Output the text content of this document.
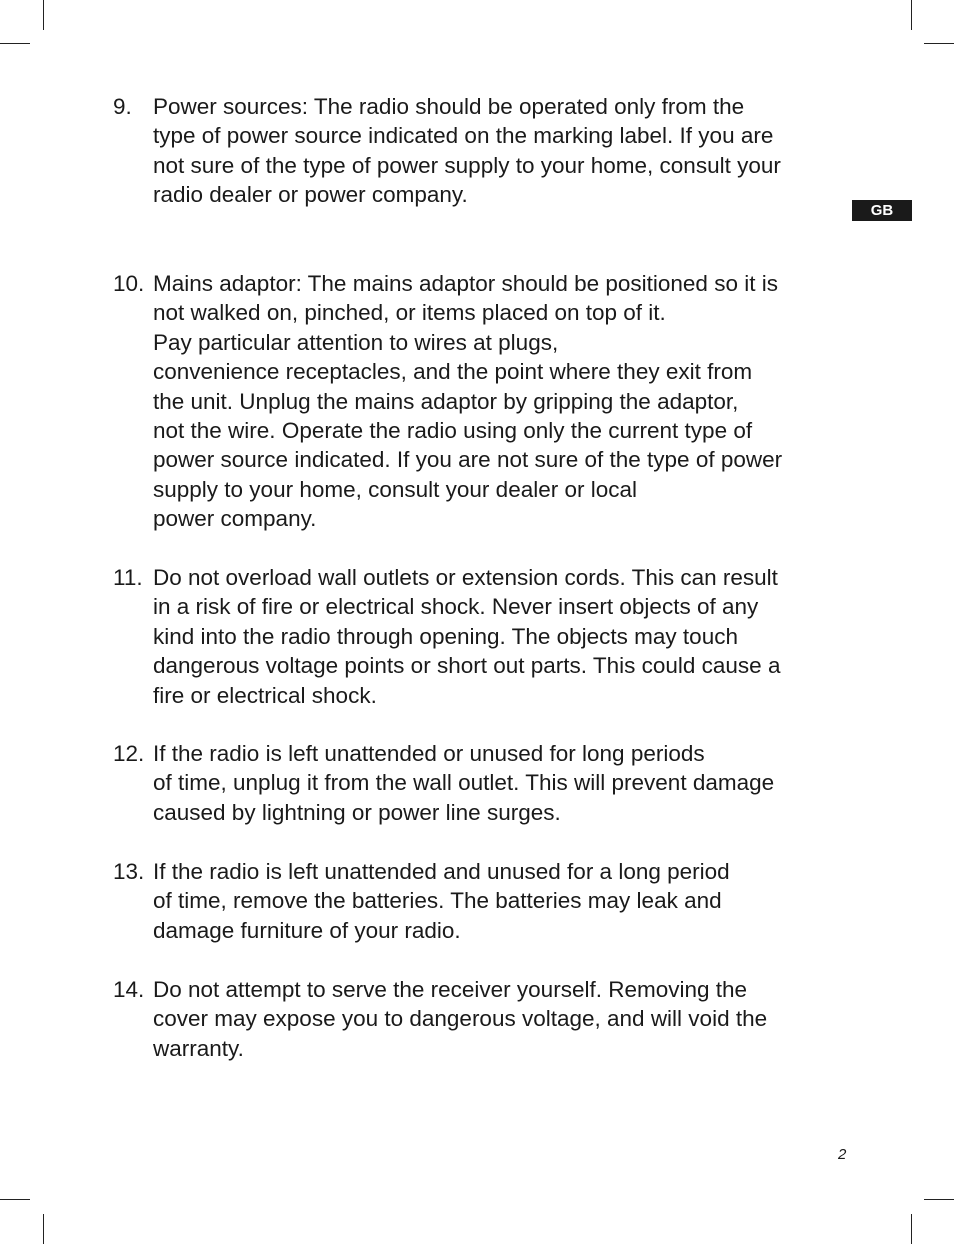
GB
9. Power sources: The radio should be operated only from the
type of power source indicated on the marking label. If you are
not sure of the type of power supply to your home, consult your
radio dealer or power company.
10. Mains adaptor: The mains adaptor should be positioned so it is
not walked on, pinched, or items placed on top of it.
Pay particular attention to wires at plugs,
convenience receptacles, and the point where they exit from
the unit. Unplug the mains adaptor by gripping the adaptor,
not the wire. Operate the radio using only the current type of
power source indicated. If you are not sure of the type of power
supply to your home, consult your dealer or local
power company.
11. Do not overload wall outlets or extension cords. This can result
in a risk of fire or electrical shock. Never insert objects of any
kind into the radio through opening. The objects may touch
dangerous voltage points or short out parts. This could cause a
fire or electrical shock.
12. If the radio is left unattended or unused for long periods
of time, unplug it from the wall outlet. This will prevent damage
caused by lightning or power line surges.
13. If the radio is left unattended and unused for a long period
of time, remove the batteries. The batteries may leak and
damage furniture of your radio.
14. Do not attempt to serve the receiver yourself. Removing the
cover may expose you to dangerous voltage, and will void the
warranty.
2
